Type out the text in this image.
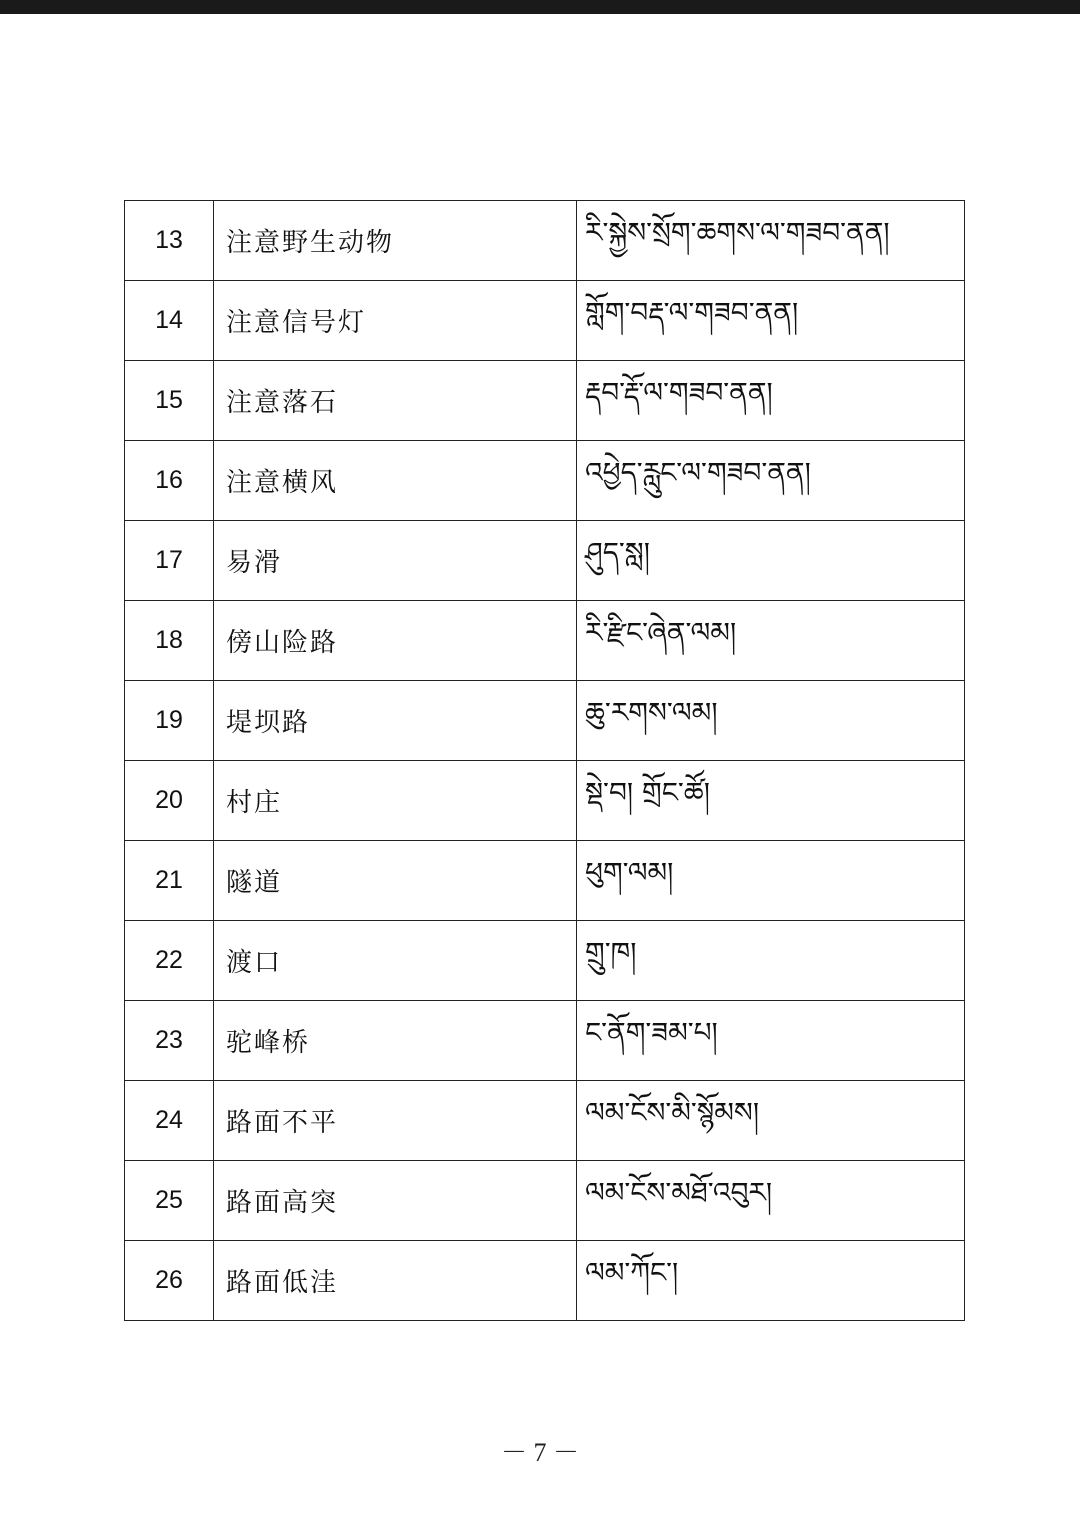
13	注意野生动物	རི་སྐྱེས་སྲོག་ཆགས་ལ་གཟབ་ནན།
14	注意信号灯	གློག་བརྡ་ལ་གཟབ་ནན།
15	注意落石	རྡབ་རྡོ་ལ་གཟབ་ནན།
16	注意横风	འཕྱེད་རླུང་ལ་གཟབ་ནན།
17	易滑	ཤུད་སླ།
18	傍山险路	རི་རྫིང་ཞེན་ལམ།
19	堤坝路	ཆུ་རགས་ལམ།
20	村庄	སྡེ་བ། གྲོང་ཚོ།
21	隧道	ཕུག་ལམ།
22	渡口	གྲུ་ཁ།
23	驼峰桥	ང་ནོག་ཟམ་པ།
24	路面不平	ལམ་ངོས་མི་སྙོམས།
25	路面高突	ལམ་ངོས་མཐོ་འབུར།
26	路面低洼	ལམ་ཀོང་།
－ 7 －
